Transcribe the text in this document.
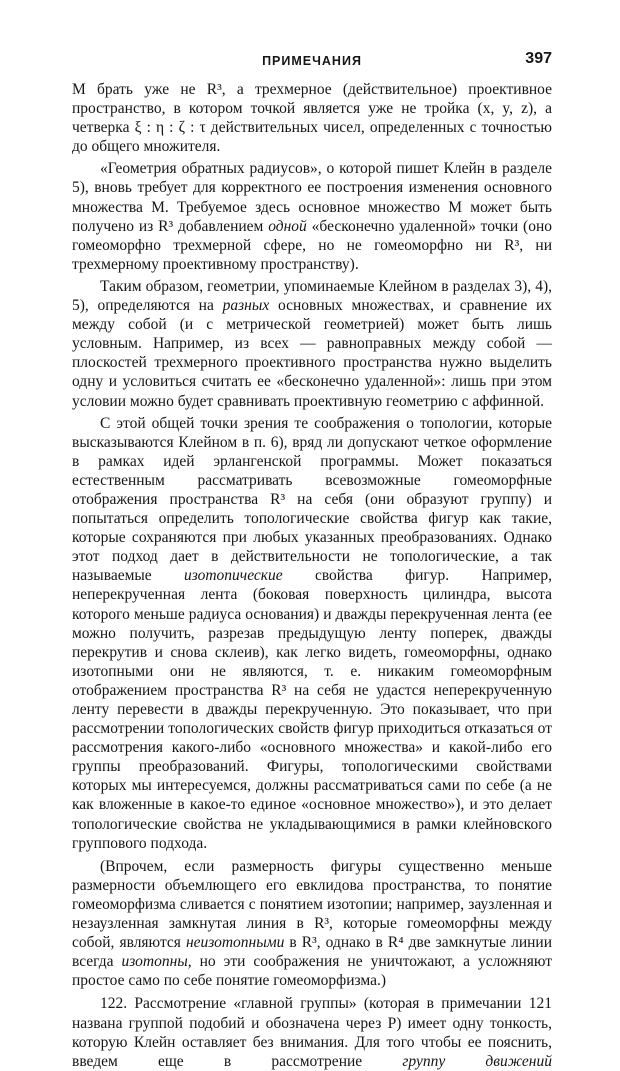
ПРИМЕЧАНИЯ	397

M брать уже не R³, а трехмерное (действительное) проективное пространство, в котором точкой является уже не тройка (x, y, z), а четверка ξ : η : ζ : τ действительных чисел, определенных с точностью до общего множителя.

«Геометрия обратных радиусов», о которой пишет Клейн в разделе 5), вновь требует для корректного ее построения изменения основного множества M. Требуемое здесь основное множество M может быть получено из R³ добавлением одной «бесконечно удаленной» точки (оно гомеоморфно трехмерной сфере, но не гомеоморфно ни R³, ни трехмерному проективному пространству).

Таким образом, геометрии, упоминаемые Клейном в разделах 3), 4), 5), определяются на разных основных множествах, и сравнение их между собой (и с метрической геометрией) может быть лишь условным. Например, из всех — равноправных между собой — плоскостей трехмерного проективного пространства нужно выделить одну и условиться считать ее «бесконечно удаленной»: лишь при этом условии можно будет сравнивать проективную геометрию с аффинной.

С этой общей точки зрения те соображения о топологии, которые высказываются Клейном в п. 6), вряд ли допускают четкое оформление в рамках идей эрлангенской программы. Может показаться естественным рассматривать всевозможные гомеоморфные отображения пространства R³ на себя (они образуют группу) и попытаться определить топологические свойства фигур как такие, которые сохраняются при любых указанных преобразованиях. Однако этот подход дает в действительности не топологические, а так называемые изотопические свойства фигур. Например, неперекрученная лента (боковая поверхность цилиндра, высота которого меньше радиуса основания) и дважды перекрученная лента (ее можно получить, разрезав предыдущую ленту поперек, дважды перекрутив и снова склеив), как легко видеть, гомеоморфны, однако изотопными они не являются, т. е. никаким гомеоморфным отображением пространства R³ на себя не удастся неперекрученную ленту перевести в дважды перекрученную. Это показывает, что при рассмотрении топологических свойств фигур приходиться отказаться от рассмотрения какого-либо «основного множества» и какой-либо его группы преобразований. Фигуры, топологическими свойствами которых мы интересуемся, должны рассматриваться сами по себе (а не как вложенные в какое-то единое «основное множество»), и это делает топологические свойства не укладывающимися в рамки клейновского группового подхода.

(Впрочем, если размерность фигуры существенно меньше размерности объемлющего его евклидова пространства, то понятие гомеоморфизма сливается с понятием изотопии; например, заузленная и незаузленная замкнутая линия в R³, которые гомеоморфны между собой, являются неизотопными в R³, однако в R⁴ две замкнутые линии всегда изотопны, но эти соображения не уничтожают, а усложняют простое само по себе понятие гомеоморфизма.)

122. Рассмотрение «главной группы» (которая в примечании 121 названа группой подобий и обозначена через P) имеет одну тонкость, которую Клейн оставляет без внимания. Для того чтобы ее пояснить, введем еще в рассмотрение	группу движений
